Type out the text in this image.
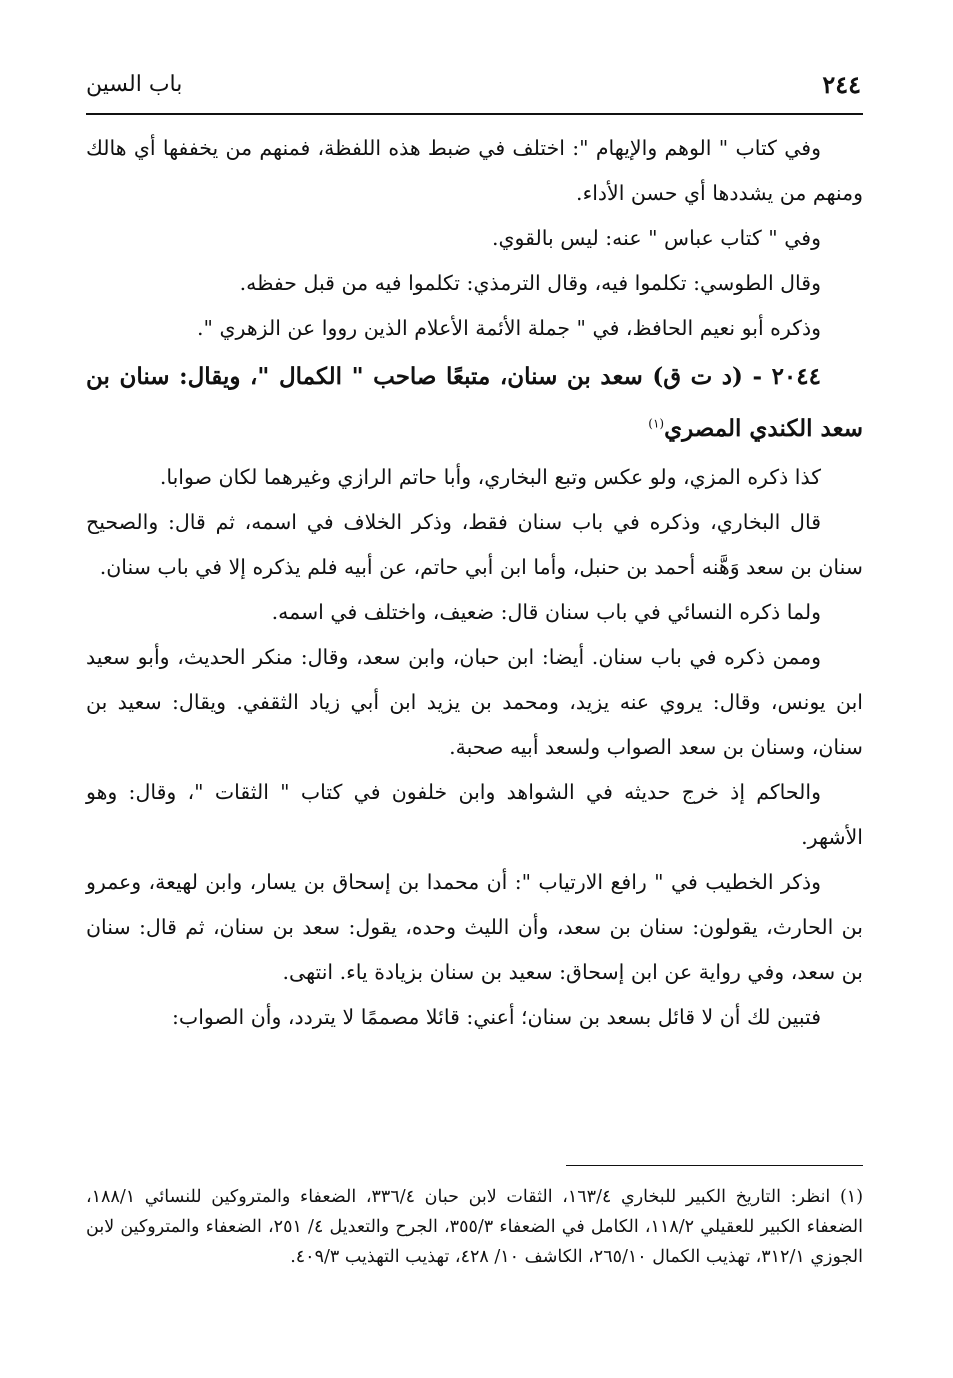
٢٤٤
باب السين

وفي كتاب " الوهم والإيهام ": اختلف في ضبط هذه اللفظة، فمنهم من يخففها أي هالك ومنهم من يشددها أي حسن الأداء.

وفي " كتاب عباس " عنه: ليس بالقوي.

وقال الطوسي: تكلموا فيه، وقال الترمذي: تكلموا فيه من قبل حفظه.

وذكره أبو نعيم الحافظ، في " جملة الأئمة الأعلام الذين رووا عن الزهري ".

٢٠٤٤ - (د ت ق) سعد بن سنان، متبعًا صاحب " الكمال "، ويقال: سنان بن سعد الكندي المصري$^{(١)}$

كذا ذكره المزي، ولو عكس وتبع البخاري، وأبا حاتم الرازي وغيرهما لكان صوابا.

قال البخاري، وذكره في باب سنان فقط، وذكر الخلاف في اسمه، ثم قال: والصحيح سنان بن سعد وَهَّنه أحمد بن حنبل، وأما ابن أبي حاتم، عن أبيه فلم يذكره إلا في باب سنان.

ولما ذكره النسائي في باب سنان قال: ضعيف، واختلف في اسمه.

وممن ذكره في باب سنان. أيضا: ابن حبان، وابن سعد، وقال: منكر الحديث، وأبو سعيد ابن يونس، وقال: يروي عنه يزيد، ومحمد بن يزيد ابن أبي زياد الثقفي. ويقال: سعيد بن سنان، وسنان بن سعد الصواب ولسعد أبيه صحبة.

والحاكم إذ خرج حديثه في الشواهد وابن خلفون في كتاب " الثقات "، وقال: وهو الأشهر.

وذكر الخطيب في " رافع الارتياب ": أن محمدا بن إسحاق بن يسار، وابن لهيعة، وعمرو بن الحارث، يقولون: سنان بن سعد، وأن الليث وحده، يقول: سعد بن سنان، ثم قال: سنان بن سعد، وفي رواية عن ابن إسحاق: سعيد بن سنان بزيادة ياء. انتهى.

فتبين لك أن لا قائل بسعد بن سنان؛ أعني: قائلا مصممًا لا يتردد، وأن الصواب:

(١) انظر: التاريخ الكبير للبخاري ١٦٣/٤، الثقات لابن حبان ٣٣٦/٤، الضعفاء والمتروكين للنسائي ١٨٨/١، الضعفاء الكبير للعقيلي ١١٨/٢، الكامل في الضعفاء ٣٥٥/٣، الجرح والتعديل ٤/ ٢٥١، الضعفاء والمتروكين لابن الجوزي ٣١٢/١، تهذيب الكمال ٢٦٥/١٠، الكاشف ١٠/ ٤٢٨، تهذيب التهذيب ٤٠٩/٣.
